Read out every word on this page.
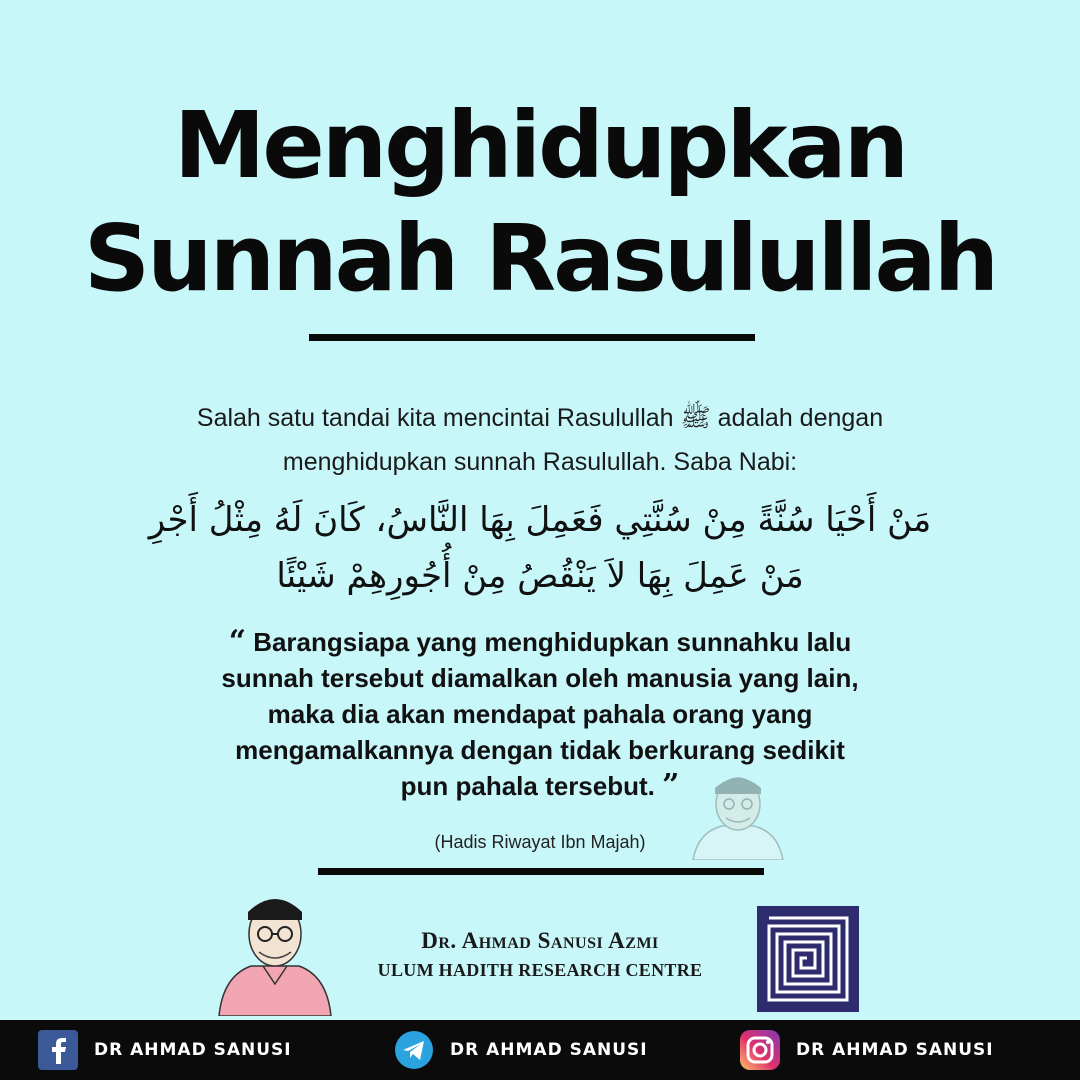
Menghidupkan
Sunnah Rasulullah
Salah satu tandai kita mencintai Rasulullah ﷺ adalah dengan
menghidupkan sunnah Rasulullah. Saba Nabi:
مَنْ أَحْيَا سُنَّةً مِنْ سُنَّتِي فَعَمِلَ بِهَا النَّاسُ، كَانَ لَهُ مِثْلُ أَجْرِ
مَنْ عَمِلَ بِهَا لاَ يَنْقُصُ مِنْ أُجُورِهِمْ شَيْئًا
“ Barangsiapa yang menghidupkan sunnahku lalu
sunnah tersebut diamalkan oleh manusia yang lain,
maka dia akan mendapat pahala orang yang
mengamalkannya dengan tidak berkurang sedikit
pun pahala tersebut. ”
(Hadis Riwayat Ibn Majah)
Dr. Ahmad Sanusi Azmi
ULUM HADITH RESEARCH CENTRE
DR AHMAD SANUSI	DR AHMAD SANUSI	DR AHMAD SANUSI
